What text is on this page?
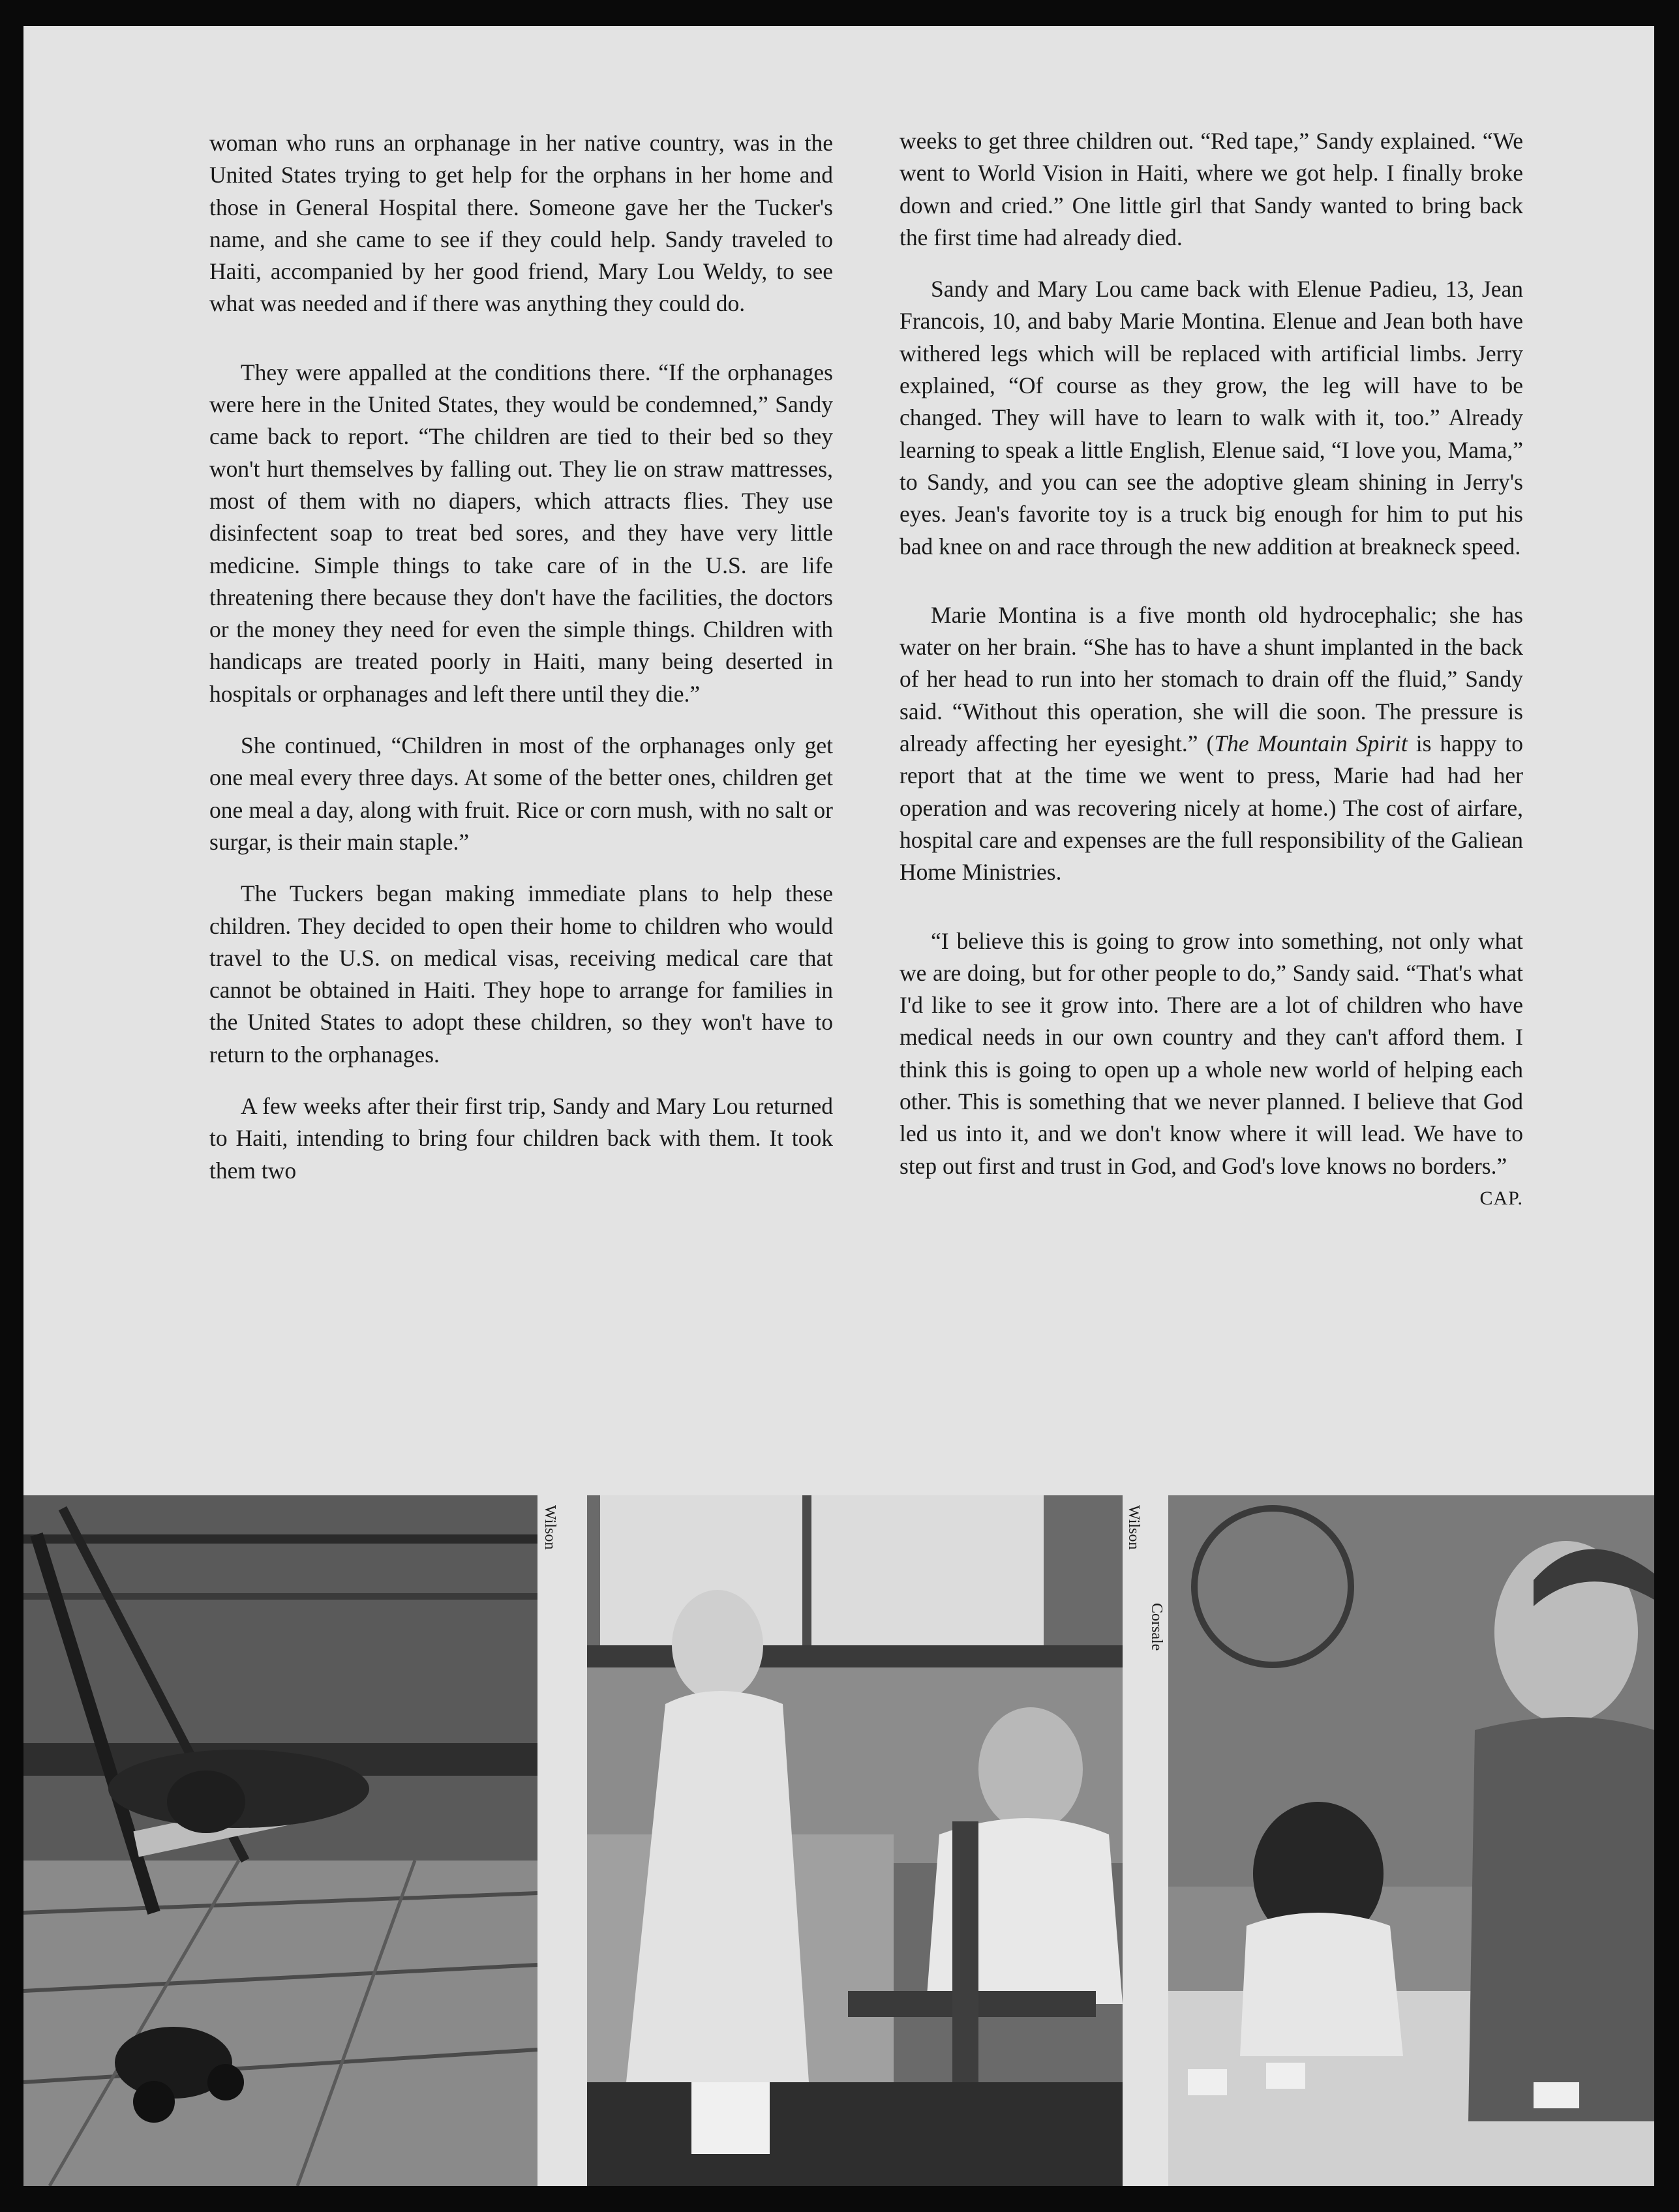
woman who runs an orphanage in her native country, was in the United States trying to get help for the orphans in her home and those in General Hospital there. Someone gave her the Tucker's name, and she came to see if they could help. Sandy traveled to Haiti, accompanied by her good friend, Mary Lou Weldy, to see what was needed and if there was anything they could do.

They were appalled at the conditions there. “If the orphanages were here in the United States, they would be condemned,” Sandy came back to report. “The children are tied to their bed so they won't hurt themselves by falling out. They lie on straw mattresses, most of them with no diapers, which attracts flies. They use disinfectent soap to treat bed sores, and they have very little medicine. Simple things to take care of in the U.S. are life threatening there because they don't have the facilities, the doctors or the money they need for even the simple things. Children with handicaps are treated poorly in Haiti, many being deserted in hospitals or orphanages and left there until they die.”

She continued, “Children in most of the orphanages only get one meal every three days. At some of the better ones, children get one meal a day, along with fruit. Rice or corn mush, with no salt or surgar, is their main staple.”

The Tuckers began making immediate plans to help these children. They decided to open their home to children who would travel to the U.S. on medical visas, receiving medical care that cannot be obtained in Haiti. They hope to arrange for families in the United States to adopt these children, so they won't have to return to the orphanages.

A few weeks after their first trip, Sandy and Mary Lou returned to Haiti, intending to bring four children back with them. It took them two

weeks to get three children out. “Red tape,” Sandy explained. “We went to World Vision in Haiti, where we got help. I finally broke down and cried.” One little girl that Sandy wanted to bring back the first time had already died.

Sandy and Mary Lou came back with Elenue Padieu, 13, Jean Francois, 10, and baby Marie Montina. Elenue and Jean both have withered legs which will be replaced with artificial limbs. Jerry explained, “Of course as they grow, the leg will have to be changed. They will have to learn to walk with it, too.” Already learning to speak a little English, Elenue said, “I love you, Mama,” to Sandy, and you can see the adoptive gleam shining in Jerry's eyes. Jean's favorite toy is a truck big enough for him to put his bad knee on and race through the new addition at breakneck speed.

Marie Montina is a five month old hydrocephalic; she has water on her brain. “She has to have a shunt implanted in the back of her head to run into her stomach to drain off the fluid,” Sandy said. “Without this operation, she will die soon. The pressure is already affecting her eyesight.” (The Mountain Spirit is happy to report that at the time we went to press, Marie had had her operation and was recovering nicely at home.) The cost of airfare, hospital care and expenses are the full responsibility of the Galiean Home Ministries.

“I believe this is going to grow into something, not only what we are doing, but for other people to do,” Sandy said. “That's what I'd like to see it grow into. There are a lot of children who have medical needs in our own country and they can't afford them. I think this is going to open up a whole new world of helping each other. This is something that we never planned. I believe that God led us into it, and we don't know where it will lead. We have to step out first and trust in God, and God's love knows no borders.”
CAP.

Wilson	Wilson
Corsale
